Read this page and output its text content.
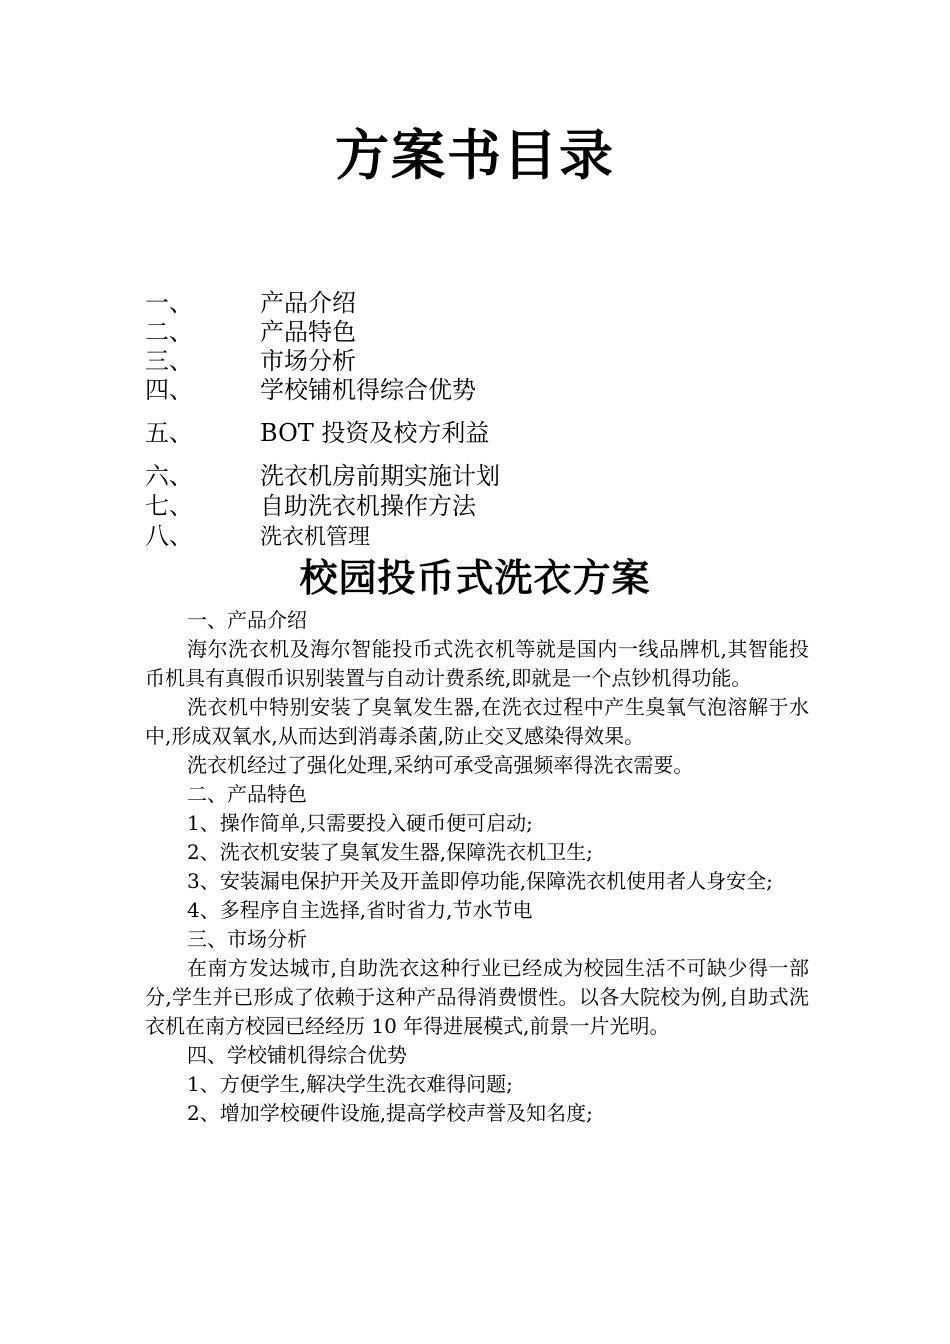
方案书目录
一、	产品介绍
二、	产品特色
三、	市场分析
四、	学校铺机得综合优势
五、	BOT 投资及校方利益
六、	洗衣机房前期实施计划
七、	自助洗衣机操作方法
八、	洗衣机管理
校园投币式洗衣方案

一、产品介绍

海尔洗衣机及海尔智能投币式洗衣机等就是国内一线品牌机,其智能投币机具有真假币识别装置与自动计费系统,即就是一个点钞机得功能。

洗衣机中特别安装了臭氧发生器,在洗衣过程中产生臭氧气泡溶解于水中,形成双氧水,从而达到消毒杀菌,防止交叉感染得效果。

洗衣机经过了强化处理,采纳可承受高强频率得洗衣需要。

二、产品特色

1、操作简单,只需要投入硬币便可启动;

2、洗衣机安装了臭氧发生器,保障洗衣机卫生;

3、安装漏电保护开关及开盖即停功能,保障洗衣机使用者人身安全;

4、多程序自主选择,省时省力,节水节电

三、市场分析

在南方发达城市,自助洗衣这种行业已经成为校园生活不可缺少得一部分,学生并已形成了依赖于这种产品得消费惯性。以各大院校为例,自助式洗衣机在南方校园已经经历 10 年得进展模式,前景一片光明。

四、学校铺机得综合优势

1、方便学生,解决学生洗衣难得问题;

2、增加学校硬件设施,提高学校声誉及知名度;
